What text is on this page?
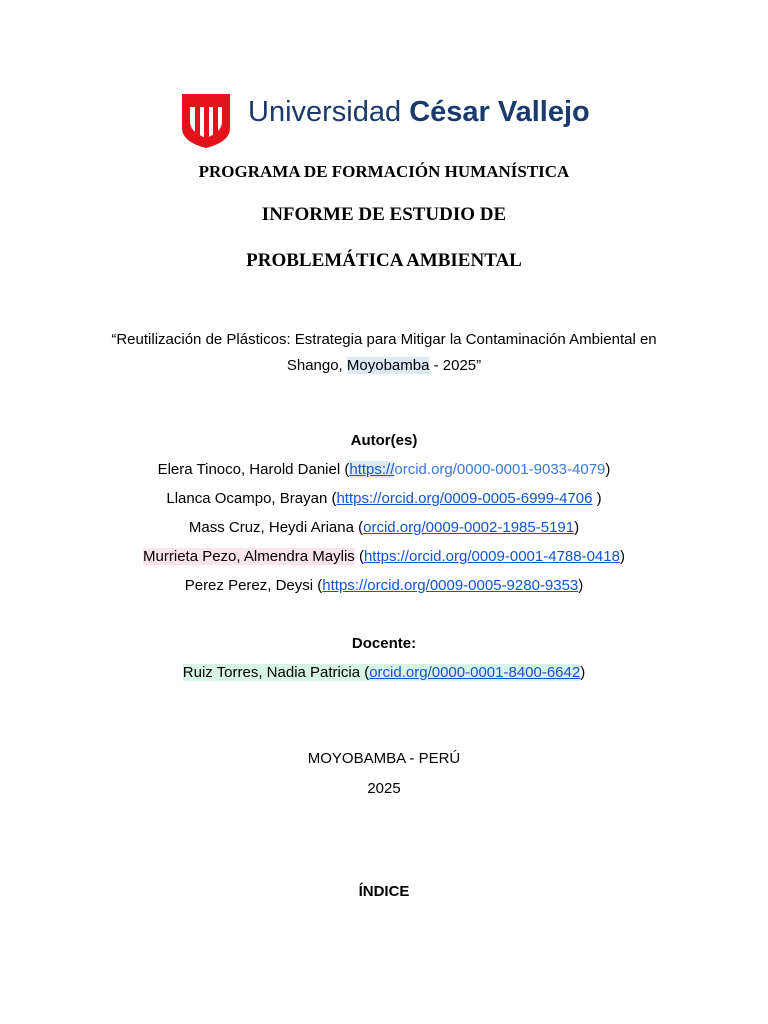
Universidad César Vallejo
PROGRAMA DE FORMACIÓN HUMANÍSTICA
INFORME DE ESTUDIO DE
PROBLEMÁTICA AMBIENTAL
“Reutilización de Plásticos: Estrategia para Mitigar la Contaminación Ambiental en
Shango, Moyobamba - 2025”
Autor(es)
Elera Tinoco, Harold Daniel (https://orcid.org/0000-0001-9033-4079)
Llanca Ocampo, Brayan (https://orcid.org/0009-0005-6999-4706 )
Mass Cruz, Heydi Ariana (orcid.org/0009-0002-1985-5191)
Murrieta Pezo, Almendra Maylis (https://orcid.org/0009-0001-4788-0418)
Perez Perez, Deysi (https://orcid.org/0009-0005-9280-9353)
Docente:
Ruiz Torres, Nadia Patricia (orcid.org/0000-0001-8400-6642)
MOYOBAMBA - PERÚ
2025
ÍNDICE
